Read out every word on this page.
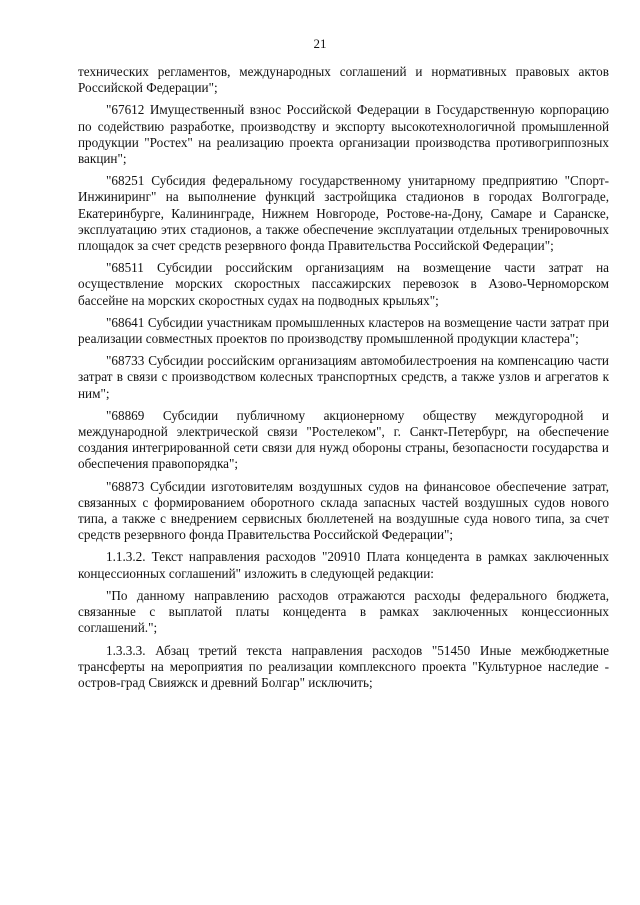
21

технических регламентов, международных соглашений и нормативных правовых актов Российской Федерации";

"67612 Имущественный взнос Российской Федерации в Государственную корпорацию по содействию разработке, производству и экспорту высокотехнологичной промышленной продукции "Ростех" на реализацию проекта организации производства противогриппозных вакцин";

"68251 Субсидия федеральному государственному унитарному предприятию "Спорт-Инжиниринг" на выполнение функций застройщика стадионов в городах Волгограде, Екатеринбурге, Калининграде, Нижнем Новгороде, Ростове-на-Дону, Самаре и Саранске, эксплуатацию этих стадионов, а также обеспечение эксплуатации отдельных тренировочных площадок за счет средств резервного фонда Правительства Российской Федерации";

"68511 Субсидии российским организациям на возмещение части затрат на осуществление морских скоростных пассажирских перевозок в Азово-Черноморском бассейне на морских скоростных судах на подводных крыльях";

"68641 Субсидии участникам промышленных кластеров на возмещение части затрат при реализации совместных проектов по производству промышленной продукции кластера";

"68733 Субсидии российским организациям автомобилестроения на компенсацию части затрат в связи с производством колесных транспортных средств, а также узлов и агрегатов к ним";

"68869 Субсидии публичному акционерному обществу междугородной и международной электрической связи "Ростелеком", г. Санкт-Петербург, на обеспечение создания интегрированной сети связи для нужд обороны страны, безопасности государства и обеспечения правопорядка";

"68873 Субсидии изготовителям воздушных судов на финансовое обеспечение затрат, связанных с формированием оборотного склада запасных частей воздушных судов нового типа, а также с внедрением сервисных бюллетеней на воздушные суда нового типа, за счет средств резервного фонда Правительства Российской Федерации";

1.1.3.2. Текст направления расходов "20910 Плата концедента в рамках заключенных концессионных соглашений" изложить в следующей редакции:

"По данному направлению расходов отражаются расходы федерального бюджета, связанные с выплатой платы концедента в рамках заключенных концессионных соглашений.";

1.3.3.3. Абзац третий текста направления расходов "51450 Иные межбюджетные трансферты на мероприятия по реализации комплексного проекта "Культурное наследие - остров-град Свияжск и древний Болгар" исключить;
